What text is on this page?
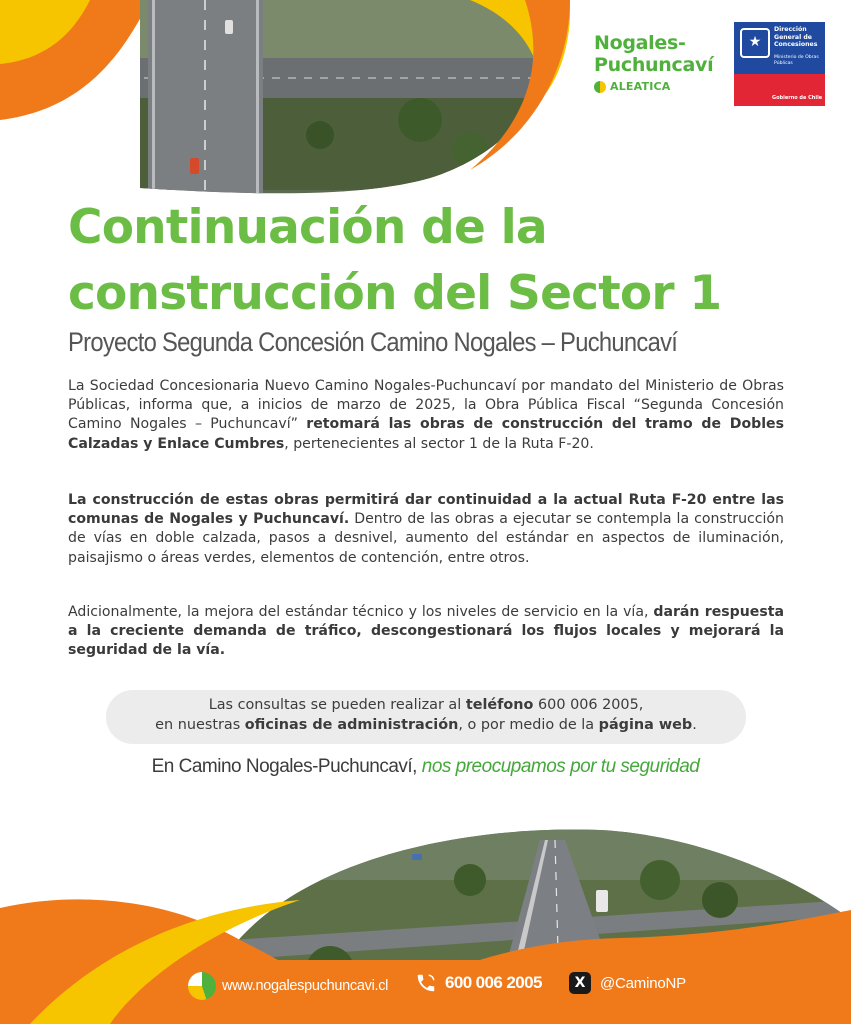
Nogales-
Puchuncaví
ALEATICA
★
Dirección General de Concesiones
Ministerio de Obras Públicas
Gobierno de Chile
Continuación de la
construcción del Sector 1
Proyecto Segunda Concesión Camino Nogales – Puchuncaví
La Sociedad Concesionaria Nuevo Camino Nogales-Puchuncaví por mandato del Ministerio de Obras Públicas, informa que, a inicios de marzo de 2025, la Obra Pública Fiscal “Segunda Concesión Camino Nogales – Puchuncaví” retomará las obras de construcción del tramo de Dobles Calzadas y Enlace Cumbres, pertenecientes al sector 1 de la Ruta F-20.
La construcción de estas obras permitirá dar continuidad a la actual Ruta F-20 entre las comunas de Nogales y Puchuncaví. Dentro de las obras a ejecutar se contempla la construcción de vías en doble calzada, pasos a desnivel, aumento del estándar en aspectos de iluminación, paisajismo o áreas verdes, elementos de contención, entre otros.
Adicionalmente, la mejora del estándar técnico y los niveles de servicio en la vía, darán respuesta a la creciente demanda de tráfico, descongestionará los flujos locales y mejorará la seguridad de la vía.
Las consultas se pueden realizar al teléfono 600 006 2005,
en nuestras oficinas de administración, o por medio de la página web.
En Camino Nogales-Puchuncaví, nos preocupamos por tu seguridad
www.nogalespuchuncavi.cl	600 006 2005	X @CaminoNP
